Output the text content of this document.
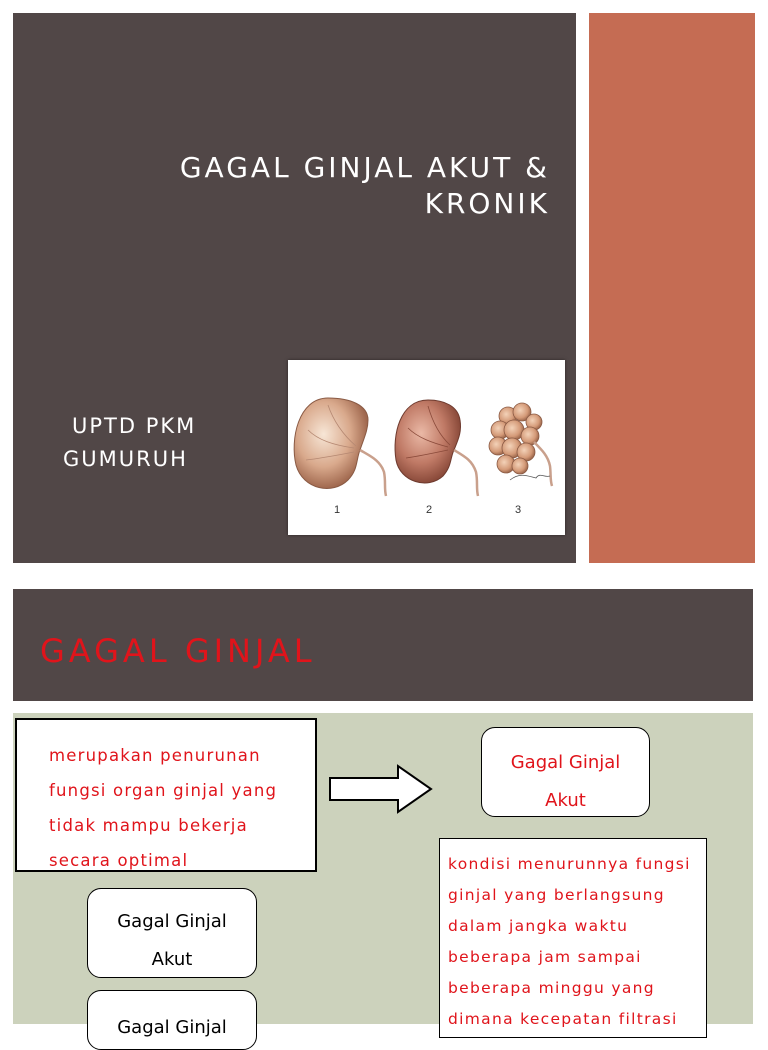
GAGAL GINJAL AKUT &
KRONIK
UPTD PKM
GUMURUH
1	2	3
GAGAL GINJAL
merupakan penurunan
fungsi organ ginjal yang
tidak mampu bekerja
secara optimal
Gagal Ginjal
Akut
Gagal Ginjal
Akut
Gagal Ginjal
kondisi menurunnya fungsi
ginjal yang berlangsung
dalam jangka waktu
beberapa jam sampai
beberapa minggu yang
dimana kecepatan filtrasi
